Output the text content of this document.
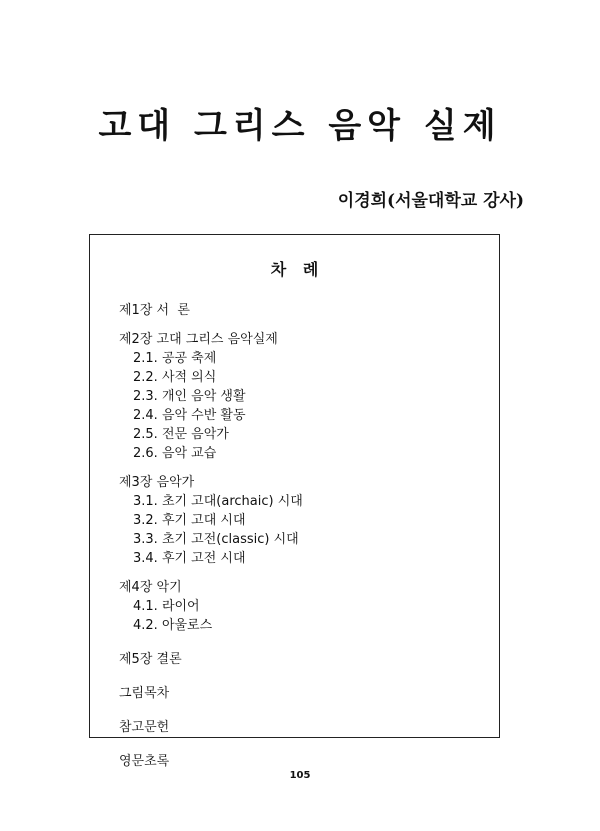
고대 그리스 음악 실제
이경희(서울대학교 강사)
차   례
제1장 서  론
제2장 고대 그리스 음악실제
2.1. 공공 축제
2.2. 사적 의식
2.3. 개인 음악 생활
2.4. 음악 수반 활동
2.5. 전문 음악가
2.6. 음악 교습
제3장 음악가
3.1. 초기 고대(archaic) 시대
3.2. 후기 고대 시대
3.3. 초기 고전(classic) 시대
3.4. 후기 고전 시대
제4장 악기
4.1. 라이어
4.2. 아울로스
제5장 결론
그림목차
참고문헌
영문초록
105
